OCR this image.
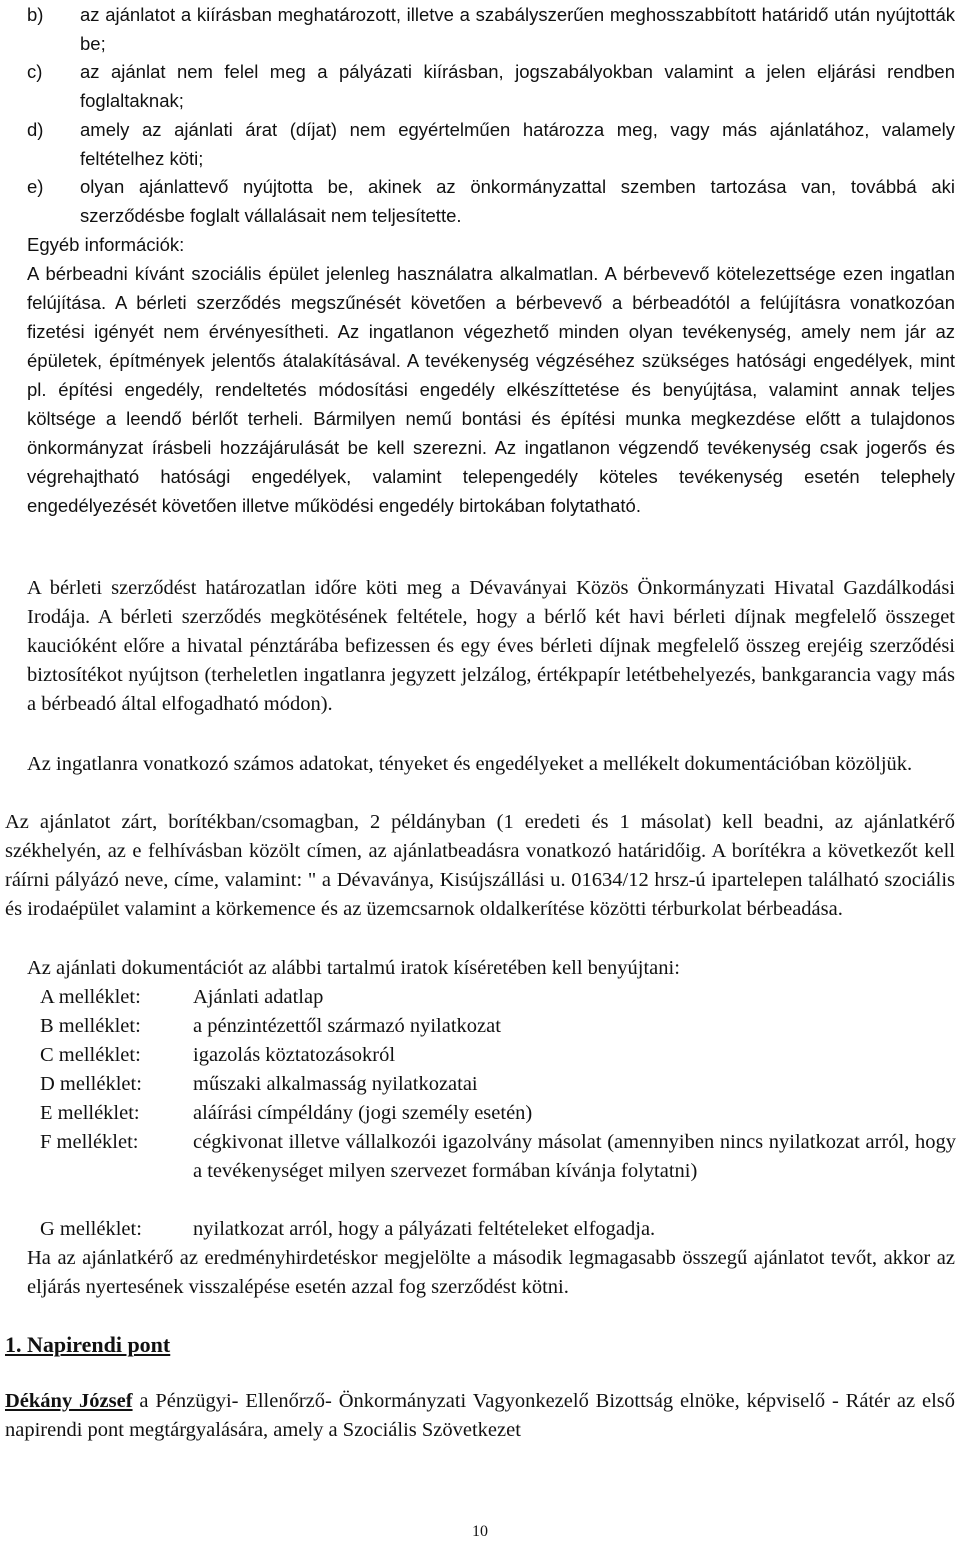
b) az ajánlatot a kiírásban meghatározott, illetve a szabályszerűen meghosszabbított határidő után nyújtották be;
c) az ajánlat nem felel meg a pályázati kiírásban, jogszabályokban valamint a jelen eljárási rendben foglaltaknak;
d) amely az ajánlati árat (díjat) nem egyértelműen határozza meg, vagy más ajánlatához, valamely feltételhez köti;
e) olyan ajánlattevő nyújtotta be, akinek az önkormányzattal szemben tartozása van, továbbá aki szerződésbe foglalt vállalásait nem teljesítette.

Egyéb információk:

A bérbeadni kívánt szociális épület jelenleg használatra alkalmatlan. A bérbevevő kötelezettsége ezen ingatlan felújítása. A bérleti szerződés megszűnését követően a bérbevevő a bérbeadótól a felújításra vonatkozóan fizetési igényét nem érvényesítheti. Az ingatlanon végezhető minden olyan tevékenység, amely nem jár az épületek, építmények jelentős átalakításával. A tevékenység végzéséhez szükséges hatósági engedélyek, mint pl. építési engedély, rendeltetés módosítási engedély elkészíttetése és benyújtása, valamint annak teljes költsége a leendő bérlőt terheli. Bármilyen nemű bontási és építési munka megkezdése előtt a tulajdonos önkormányzat írásbeli hozzájárulását be kell szerezni. Az ingatlanon végzendő tevékenység csak jogerős és végrehajtható hatósági engedélyek, valamint telepengedély köteles tevékenység esetén telephely engedélyezését követően illetve működési engedély birtokában folytatható.

A bérleti szerződést határozatlan időre köti meg a Dévaványai Közös Önkormányzati Hivatal Gazdálkodási Irodája. A bérleti szerződés megkötésének feltétele, hogy a bérlő két havi bérleti díjnak megfelelő összeget kaucióként előre a hivatal pénztárába befizessen és egy éves bérleti díjnak megfelelő összeg erejéig szerződési biztosítékot nyújtson (terheletlen ingatlanra jegyzett jelzálog, értékpapír letétbehelyezés, bankgarancia vagy más a bérbeadó által elfogadható módon).

Az ingatlanra vonatkozó számos adatokat, tényeket és engedélyeket a mellékelt dokumentációban közöljük.

Az ajánlatot zárt, borítékban/csomagban, 2 példányban (1 eredeti és 1 másolat) kell beadni, az ajánlatkérő székhelyén, az e felhívásban közölt címen, az ajánlatbeadásra vonatkozó határidőig. A borítékra a következőt kell ráírni pályázó neve, címe, valamint: " a Dévaványa, Kisújszállási u. 01634/12 hrsz-ú ipartelepen található szociális és irodaépület valamint a körkemence és az üzemcsarnok oldalkerítése közötti térburkolat bérbeadása.

Az ajánlati dokumentációt az alábbi tartalmú iratok kíséretében kell benyújtani:

A melléklet:	Ajánlati adatlap
B melléklet:	a pénzintézettől származó nyilatkozat
C melléklet:	igazolás köztatozásokról
D melléklet: műszaki alkalmasság nyilatkozatai
E melléklet:	aláírási címpéldány (jogi személy esetén)
F melléklet:	cégkivonat illetve vállalkozói igazolvány másolat (amennyiben nincs nyilatkozat arról, hogy a tevékenységet milyen szervezet formában kívánja folytatni)
G melléklet: nyilatkozat arról, hogy a pályázati feltételeket elfogadja.

Ha az ajánlatkérő az eredményhirdetéskor megjelölte a második legmagasabb összegű ajánlatot tevőt, akkor az eljárás nyertesének visszalépése esetén azzal fog szerződést kötni.

1. Napirendi pont

Dékány József a Pénzügyi- Ellenőrző- Önkormányzati Vagyonkezelő Bizottság elnöke, képviselő - Rátér az első napirendi pont megtárgyalására, amely a Szociális Szövetkezet

10
